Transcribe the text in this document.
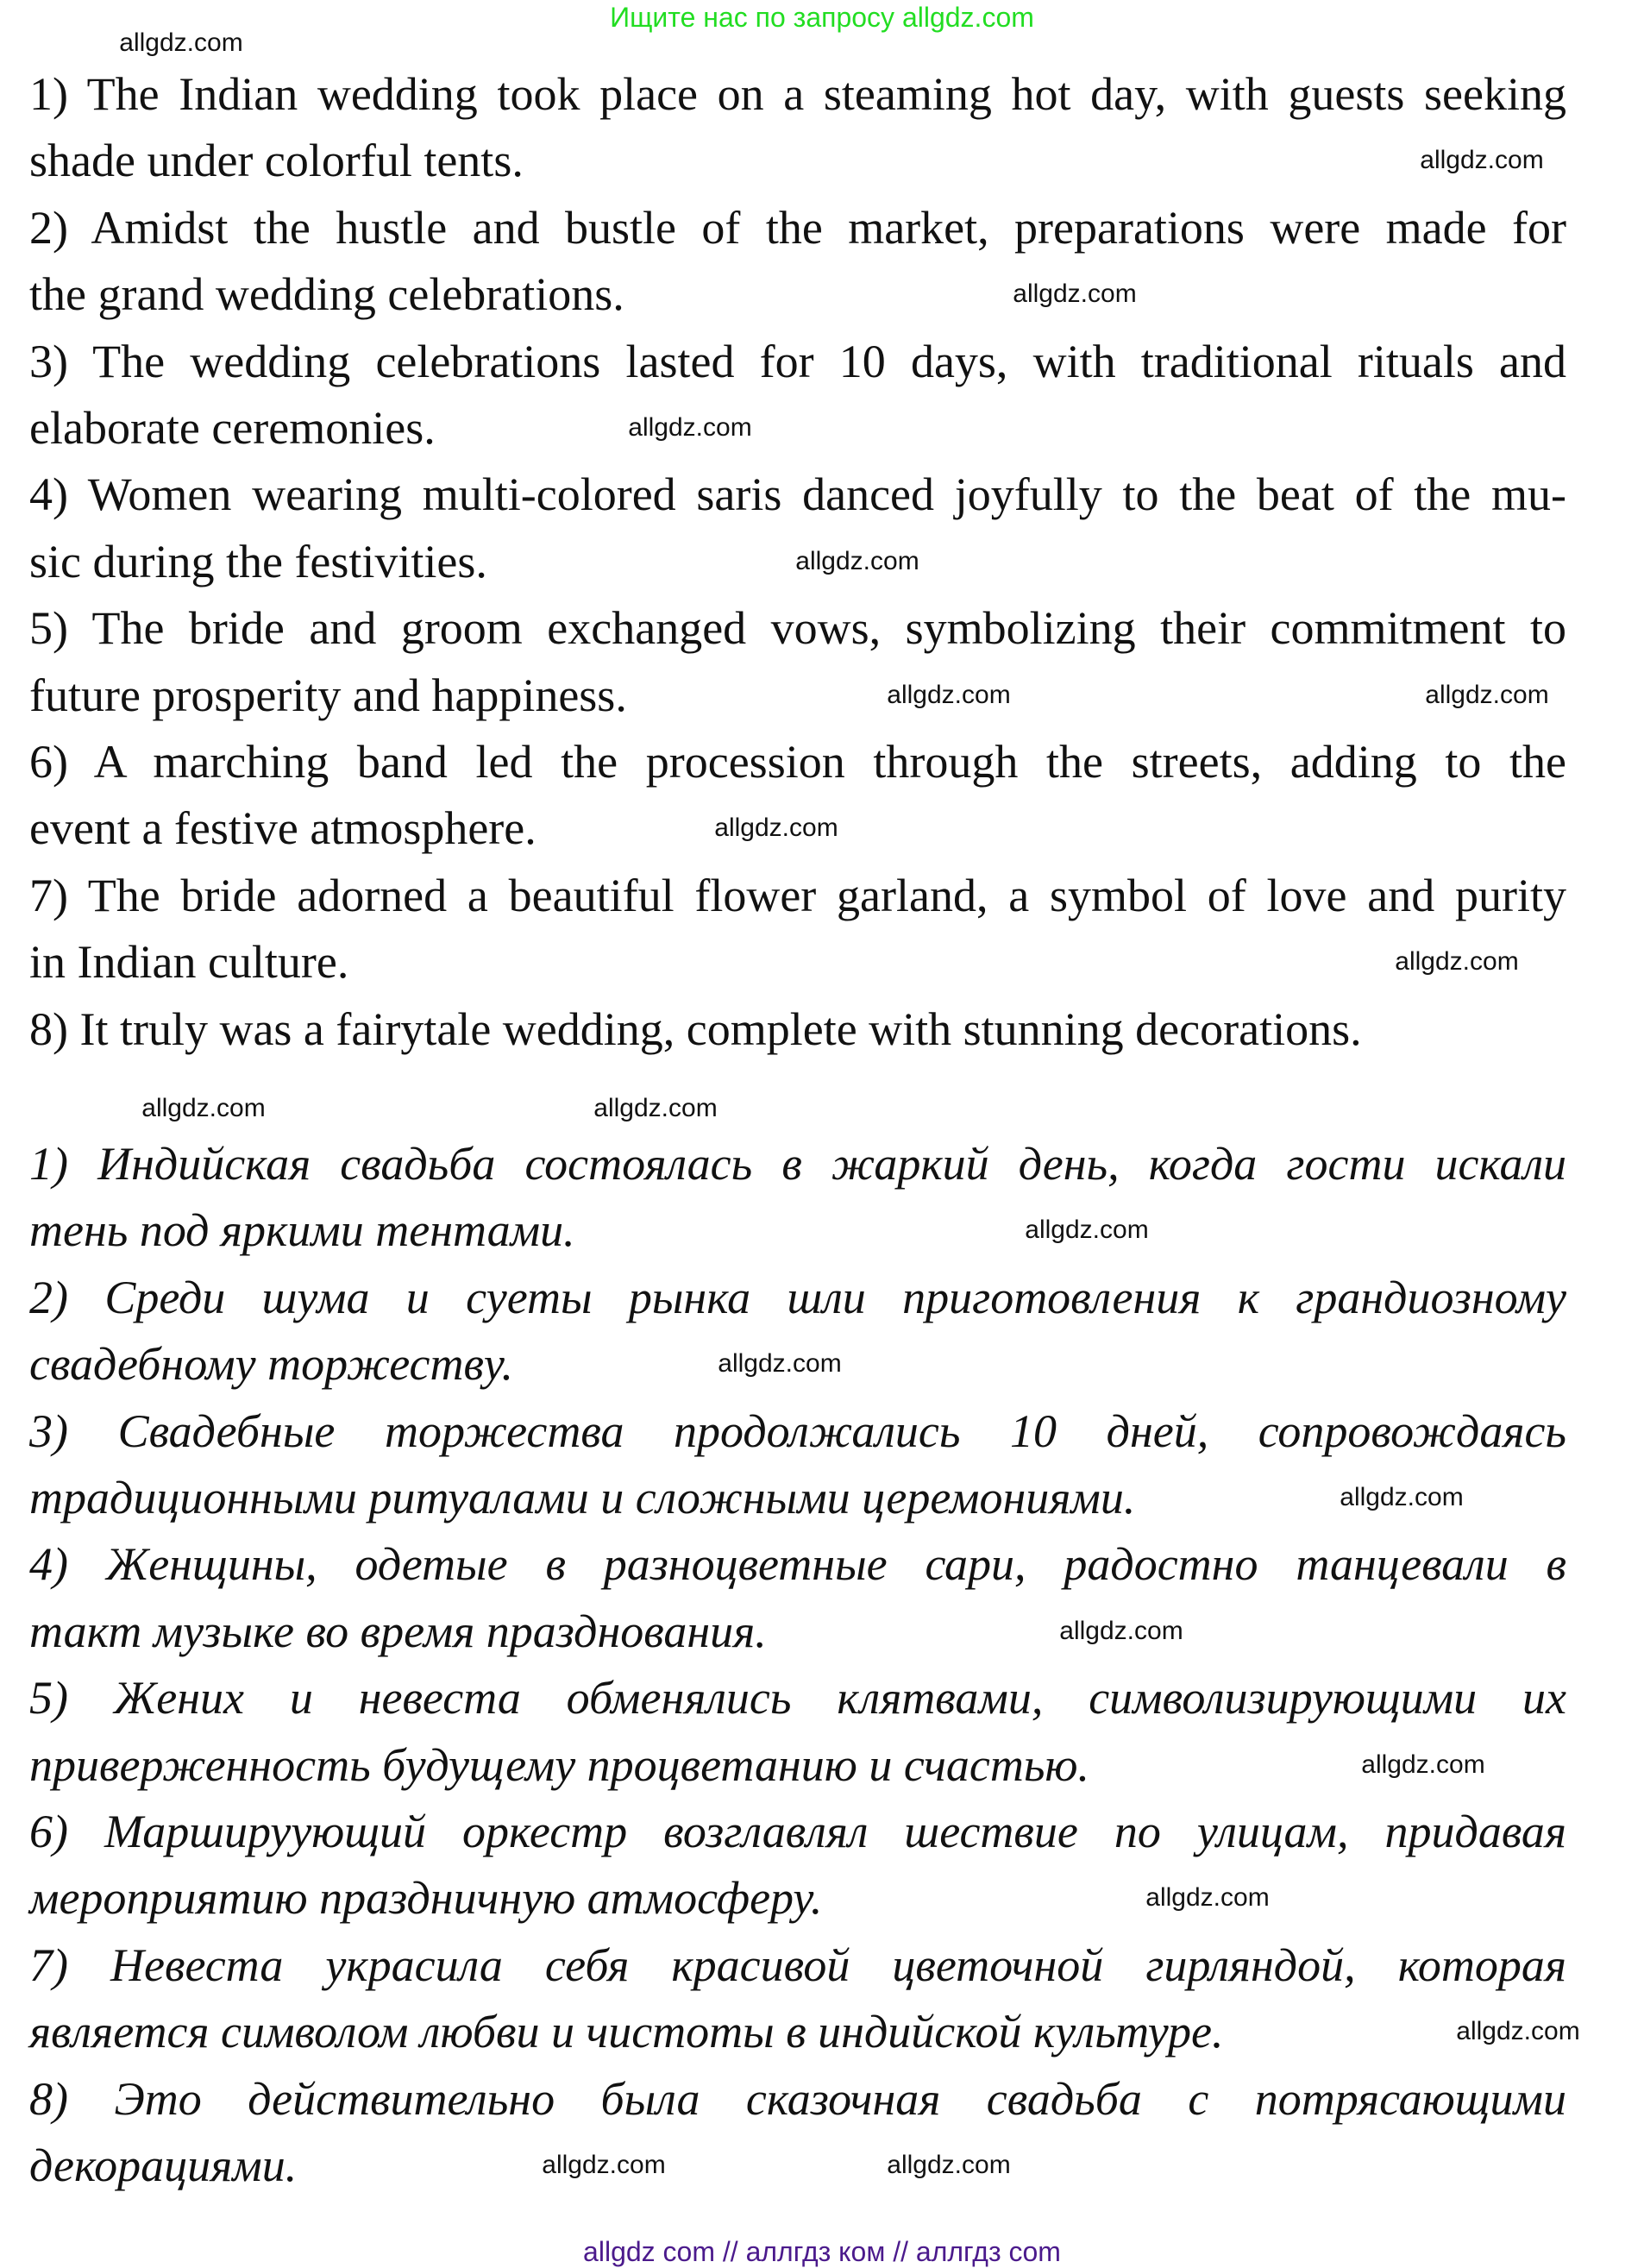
Ищите нас по запросу allgdz.com
1) The Indian wedding took place on a steaming hot day, with guests seeking
shade under colorful tents.
2) Amidst the hustle and bustle of the market, preparations were made for
the grand wedding celebrations.
3) The wedding celebrations lasted for 10 days, with traditional rituals and
elaborate ceremonies.
4) Women wearing multi-colored saris danced joyfully to the beat of the mu-
sic during the festivities.
5) The bride and groom exchanged vows, symbolizing their commitment to
future prosperity and happiness.
6) A marching band led the procession through the streets, adding to the
event a festive atmosphere.
7) The bride adorned a beautiful flower garland, a symbol of love and purity
in Indian culture.
8) It truly was a fairytale wedding, complete with stunning decorations.
1) Индийская свадьба состоялась в жаркий день, когда гости искали
тень под яркими тентами.
2) Среди шума и суеты рынка шли приготовления к грандиозному
свадебному торжеству.
3) Свадебные торжества продолжались 10 дней, сопровождаясь
традиционными ритуалами и сложными церемониями.
4) Женщины, одетые в разноцветные сари, радостно танцевали в
такт музыке во время празднования.
5) Жених и невеста обменялись клятвами, символизирующими их
приверженность будущему процветанию и счастью.
6) Маршируующий оркестр возглавлял шествие по улицам, придавая
мероприятию праздничную атмосферу.
7) Невеста украсила себя красивой цветочной гирляндой, которая
является символом любви и чистоты в индийской культуре.
8) Это действительно была сказочная свадьба с потрясающими
декорациями.
allgdz.com
allgdz.com
allgdz.com
allgdz.com
allgdz.com
allgdz.com	allgdz.com
allgdz.com
allgdz.com
allgdz.com
allgdz.com
allgdz.com
allgdz.com
allgdz.com
allgdz.com
allgdz.com
allgdz.com
allgdz.com
allgdz.com	allgdz.com
allgdz com // аллгдз ком // аллгдз com
